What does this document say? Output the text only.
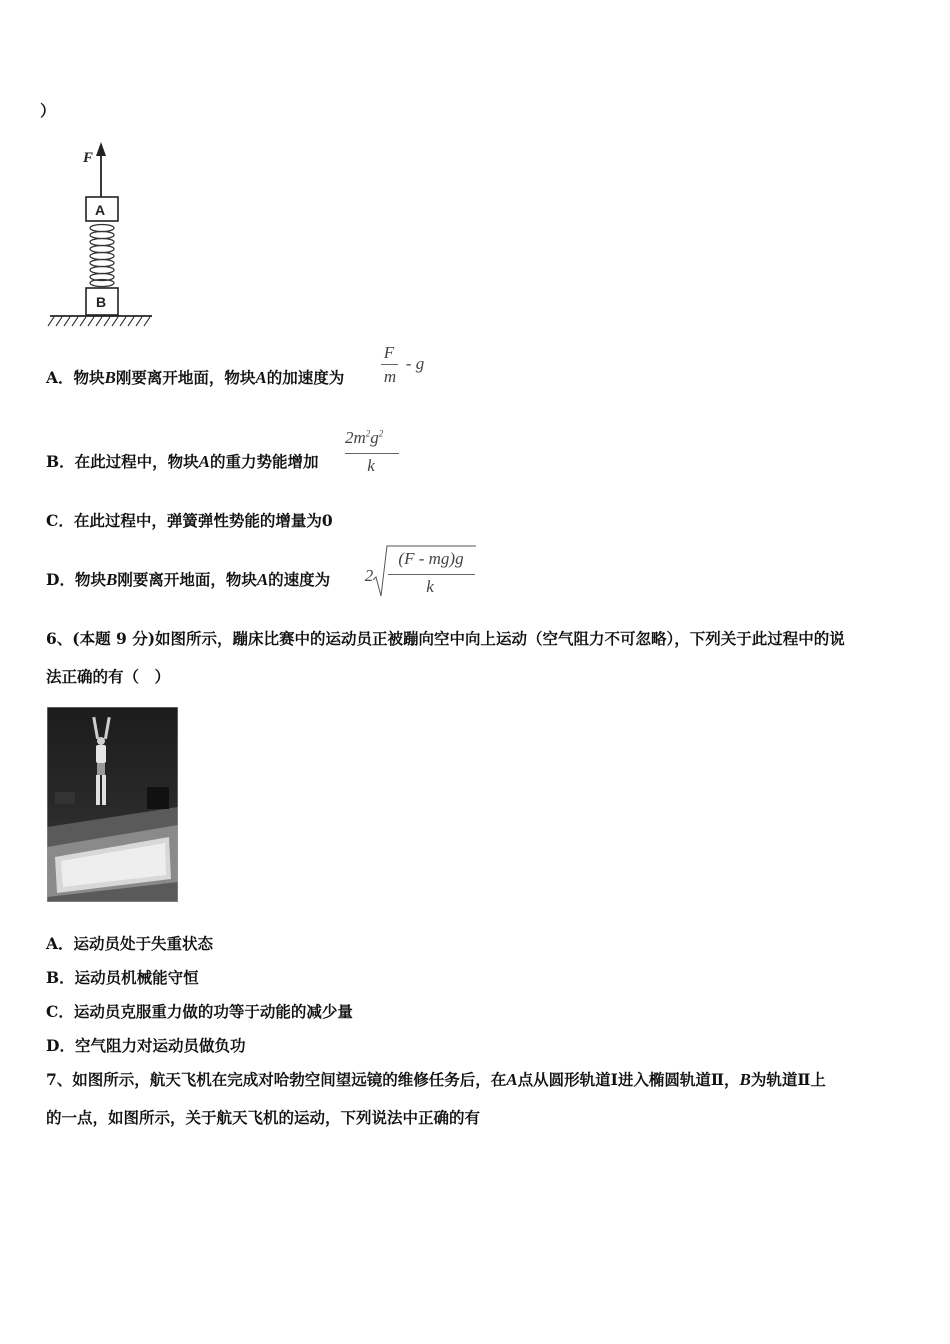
）
F
A
B
A．物块B刚要离开地面，物块A的加速度为
F
m
- g
B．在此过程中，物块A的重力势能增加
$2m^2g^2$
k
C．在此过程中，弹簧弹性势能的增量为0
D．物块B刚要离开地面，物块A的速度为 2
(F - mg)g
k
6、(本题 9 分)如图所示，蹦床比赛中的运动员正被蹦向空中向上运动（空气阻力不可忽略），下列关于此过程中的说
法正确的有（　）
A．运动员处于失重状态
B．运动员机械能守恒
C．运动员克服重力做的功等于动能的减少量
D．空气阻力对运动员做负功
7、如图所示，航天飞机在完成对哈勃空间望远镜的维修任务后，在A点从圆形轨道I进入椭圆轨道Ⅱ，B为轨道Ⅱ上
的一点，如图所示，关于航天飞机的运动，下列说法中正确的有
